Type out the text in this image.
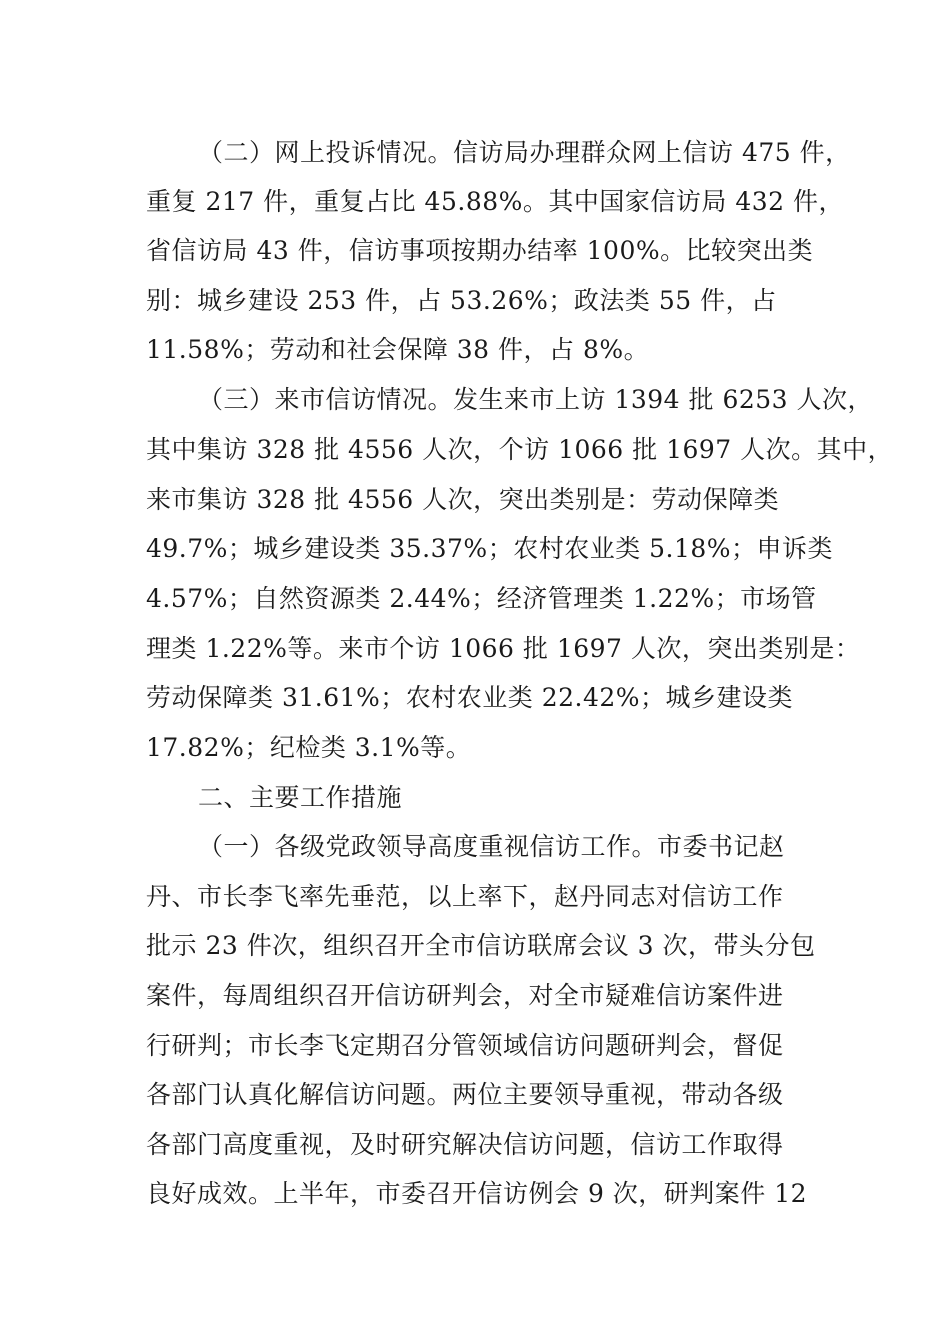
（二）网上投诉情况。信访局办理群众网上信访 475 件，
重复 217 件，重复占比 45.88%。其中国家信访局 432 件，
省信访局 43 件，信访事项按期办结率 100%。比较突出类
别：城乡建设 253 件，占 53.26%；政法类 55 件，占
11.58%；劳动和社会保障 38 件，占 8%。
（三）来市信访情况。发生来市上访 1394 批 6253 人次，
其中集访 328 批 4556 人次，个访 1066 批 1697 人次。其中，
来市集访 328 批 4556 人次，突出类别是：劳动保障类
49.7%；城乡建设类 35.37%；农村农业类 5.18%；申诉类
4.57%；自然资源类 2.44%；经济管理类 1.22%；市场管
理类 1.22%等。来市个访 1066 批 1697 人次，突出类别是：
劳动保障类 31.61%；农村农业类 22.42%；城乡建设类
17.82%；纪检类 3.1%等。
二、主要工作措施
（一）各级党政领导高度重视信访工作。市委书记赵
丹、市长李飞率先垂范，以上率下，赵丹同志对信访工作
批示 23 件次，组织召开全市信访联席会议 3 次，带头分包
案件，每周组织召开信访研判会，对全市疑难信访案件进
行研判；市长李飞定期召分管领域信访问题研判会，督促
各部门认真化解信访问题。两位主要领导重视，带动各级
各部门高度重视，及时研究解决信访问题，信访工作取得
良好成效。上半年，市委召开信访例会 9 次，研判案件 12
